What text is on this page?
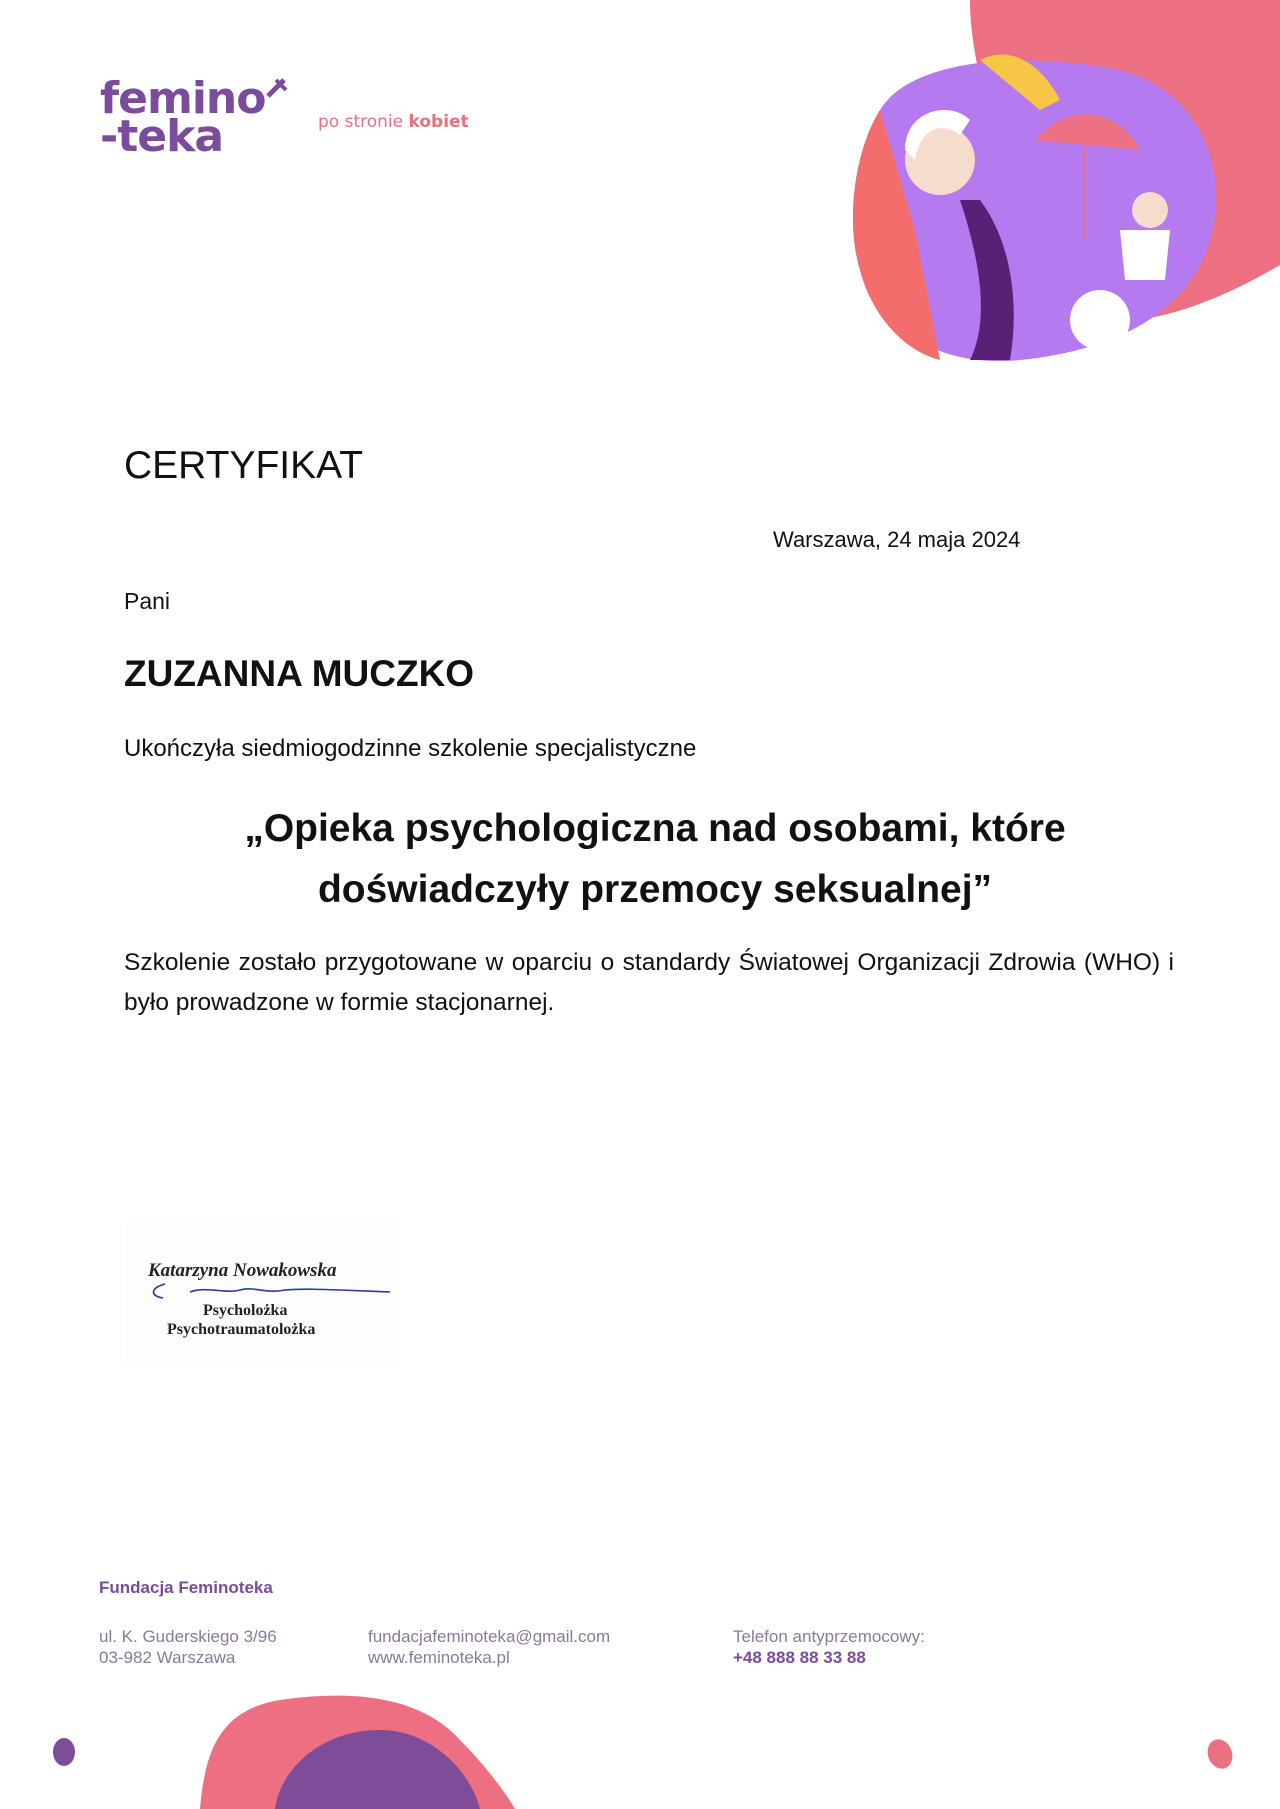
femino
-teka	po stronie kobiet
CERTYFIKAT
Warszawa, 24 maja 2024
Pani
ZUZANNA MUCZKO
Ukończyła siedmiogodzinne szkolenie specjalistyczne
„Opieka psychologiczna nad osobami, które
doświadczyły przemocy seksualnej”
Szkolenie zostało przygotowane w oparciu o standardy Światowej Organizacji Zdrowia (WHO) i było prowadzone w formie stacjonarnej.
Katarzyna Nowakowska
Psycholożka
Psychotraumatolożka
Fundacja Feminoteka
ul. K. Guderskiego 3/96
03-982 Warszawa
fundacjafeminoteka@gmail.com
www.feminoteka.pl
Telefon antyprzemocowy:
+48 888 88 33 88
